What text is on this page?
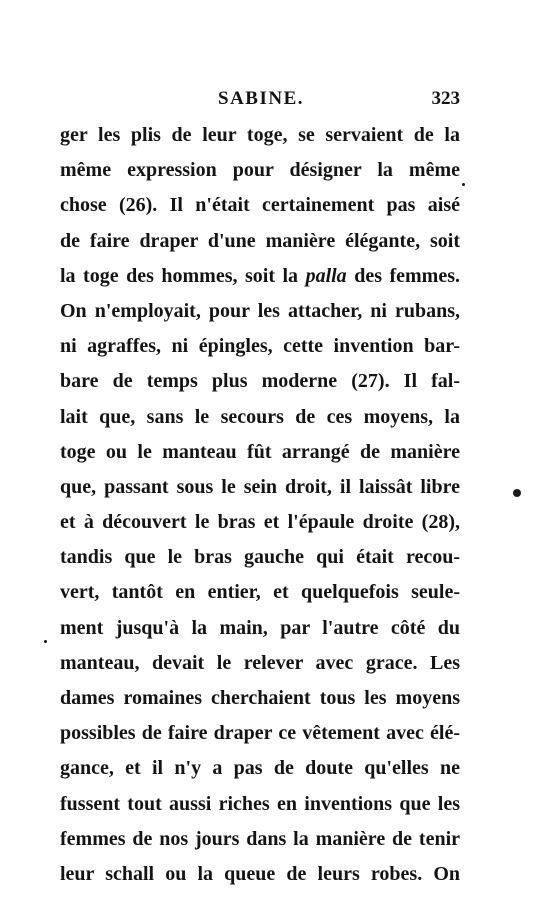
SABINE.	323
ger les plis de leur toge, se servaient de la
même expression pour désigner la même
chose (26). Il n'était certainement pas aisé
de faire draper d'une manière élégante, soit
la toge des hommes, soit la palla des femmes.
On n'employait, pour les attacher, ni rubans,
ni agraffes, ni épingles, cette invention bar-
bare de temps plus moderne (27). Il fal-
lait que, sans le secours de ces moyens, la
toge ou le manteau fût arrangé de manière
que, passant sous le sein droit, il laissât libre
et à découvert le bras et l'épaule droite (28),
tandis que le bras gauche qui était recou-
vert, tantôt en entier, et quelquefois seule-
ment jusqu'à la main, par l'autre côté du
manteau, devait le relever avec grace. Les
dames romaines cherchaient tous les moyens
possibles de faire draper ce vêtement avec élé-
gance, et il n'y a pas de doute qu'elles ne
fussent tout aussi riches en inventions que les
femmes de nos jours dans la manière de tenir
leur schall ou la queue de leurs robes. On
